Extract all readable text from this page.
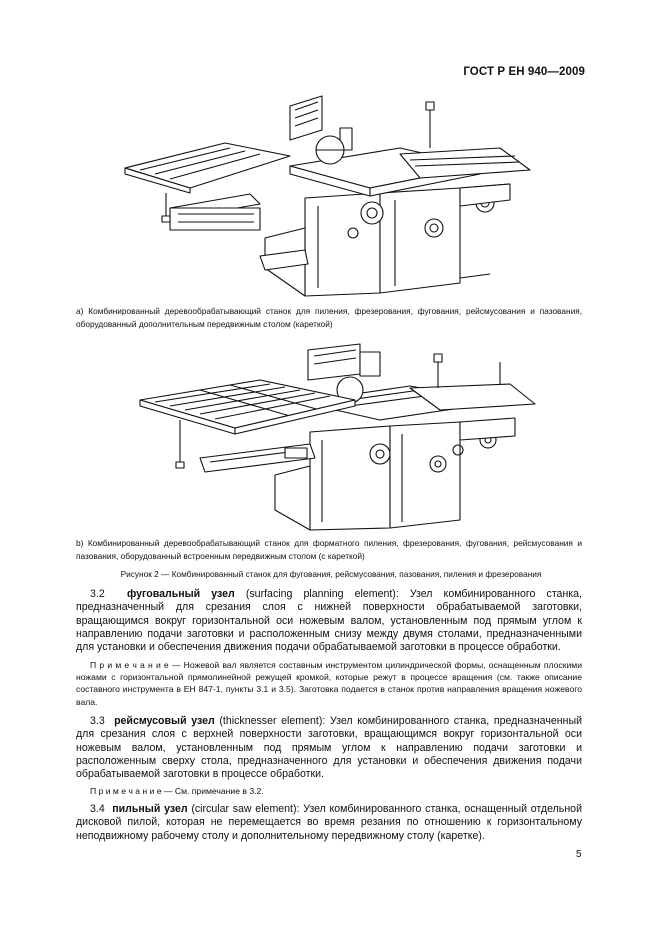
ГОСТ Р ЕН 940—2009
а) Комбинированный деревообрабатывающий станок для пиления, фрезерования, фугования, рейсмусования и пазования, оборудованный дополнительным передвижным столом (кареткой)
b) Комбинированный деревообрабатывающий станок для форматного пиления, фрезерования, фугования, рейсмусования и пазования, оборудованный встроенным передвижным столом (с кареткой)
Рисунок 2 — Комбинированный станок для фугования, рейсмусования, пазования, пиления и фрезерования
3.2 фуговальный узел (surfacing planning element): Узел комбинированного станка, предназначенный для срезания слоя с нижней поверхности обрабатываемой заготовки, вращающимся вокруг горизонтальной оси ножевым валом, установленным под прямым углом к направлению подачи заготовки и расположенным снизу между двумя столами, предназначенными для установки и обеспечения движения подачи обрабатываемой заготовки в процессе обработки.
П р и м е ч а н и е — Ножевой вал является составным инструментом цилиндрической формы, оснащенным плоскими ножами с горизонтальной прямолинейной режущей кромкой, которые режут в процессе вращения (см. также описание составного инструмента в ЕН 847-1, пункты 3.1 и 3.5). Заготовка подается в станок против направления вращения ножевого вала.
3.3 рейсмусовый узел (thicknesser element): Узел комбинированного станка, предназначенный для срезания слоя с верхней поверхности заготовки, вращающимся вокруг горизонтальной оси ножевым валом, установленным под прямым углом к направлению подачи заготовки и расположенным сверху стола, предназначенного для установки и обеспечения движения подачи обрабатываемой заготовки в процессе обработки.
П р и м е ч а н и е — См. примечание в 3.2.
3.4 пильный узел (circular saw element): Узел комбинированного станка, оснащенный отдельной дисковой пилой, которая не перемещается во время резания по отношению к горизонтальному неподвижному рабочему столу и дополнительному передвижному столу (каретке).
5
